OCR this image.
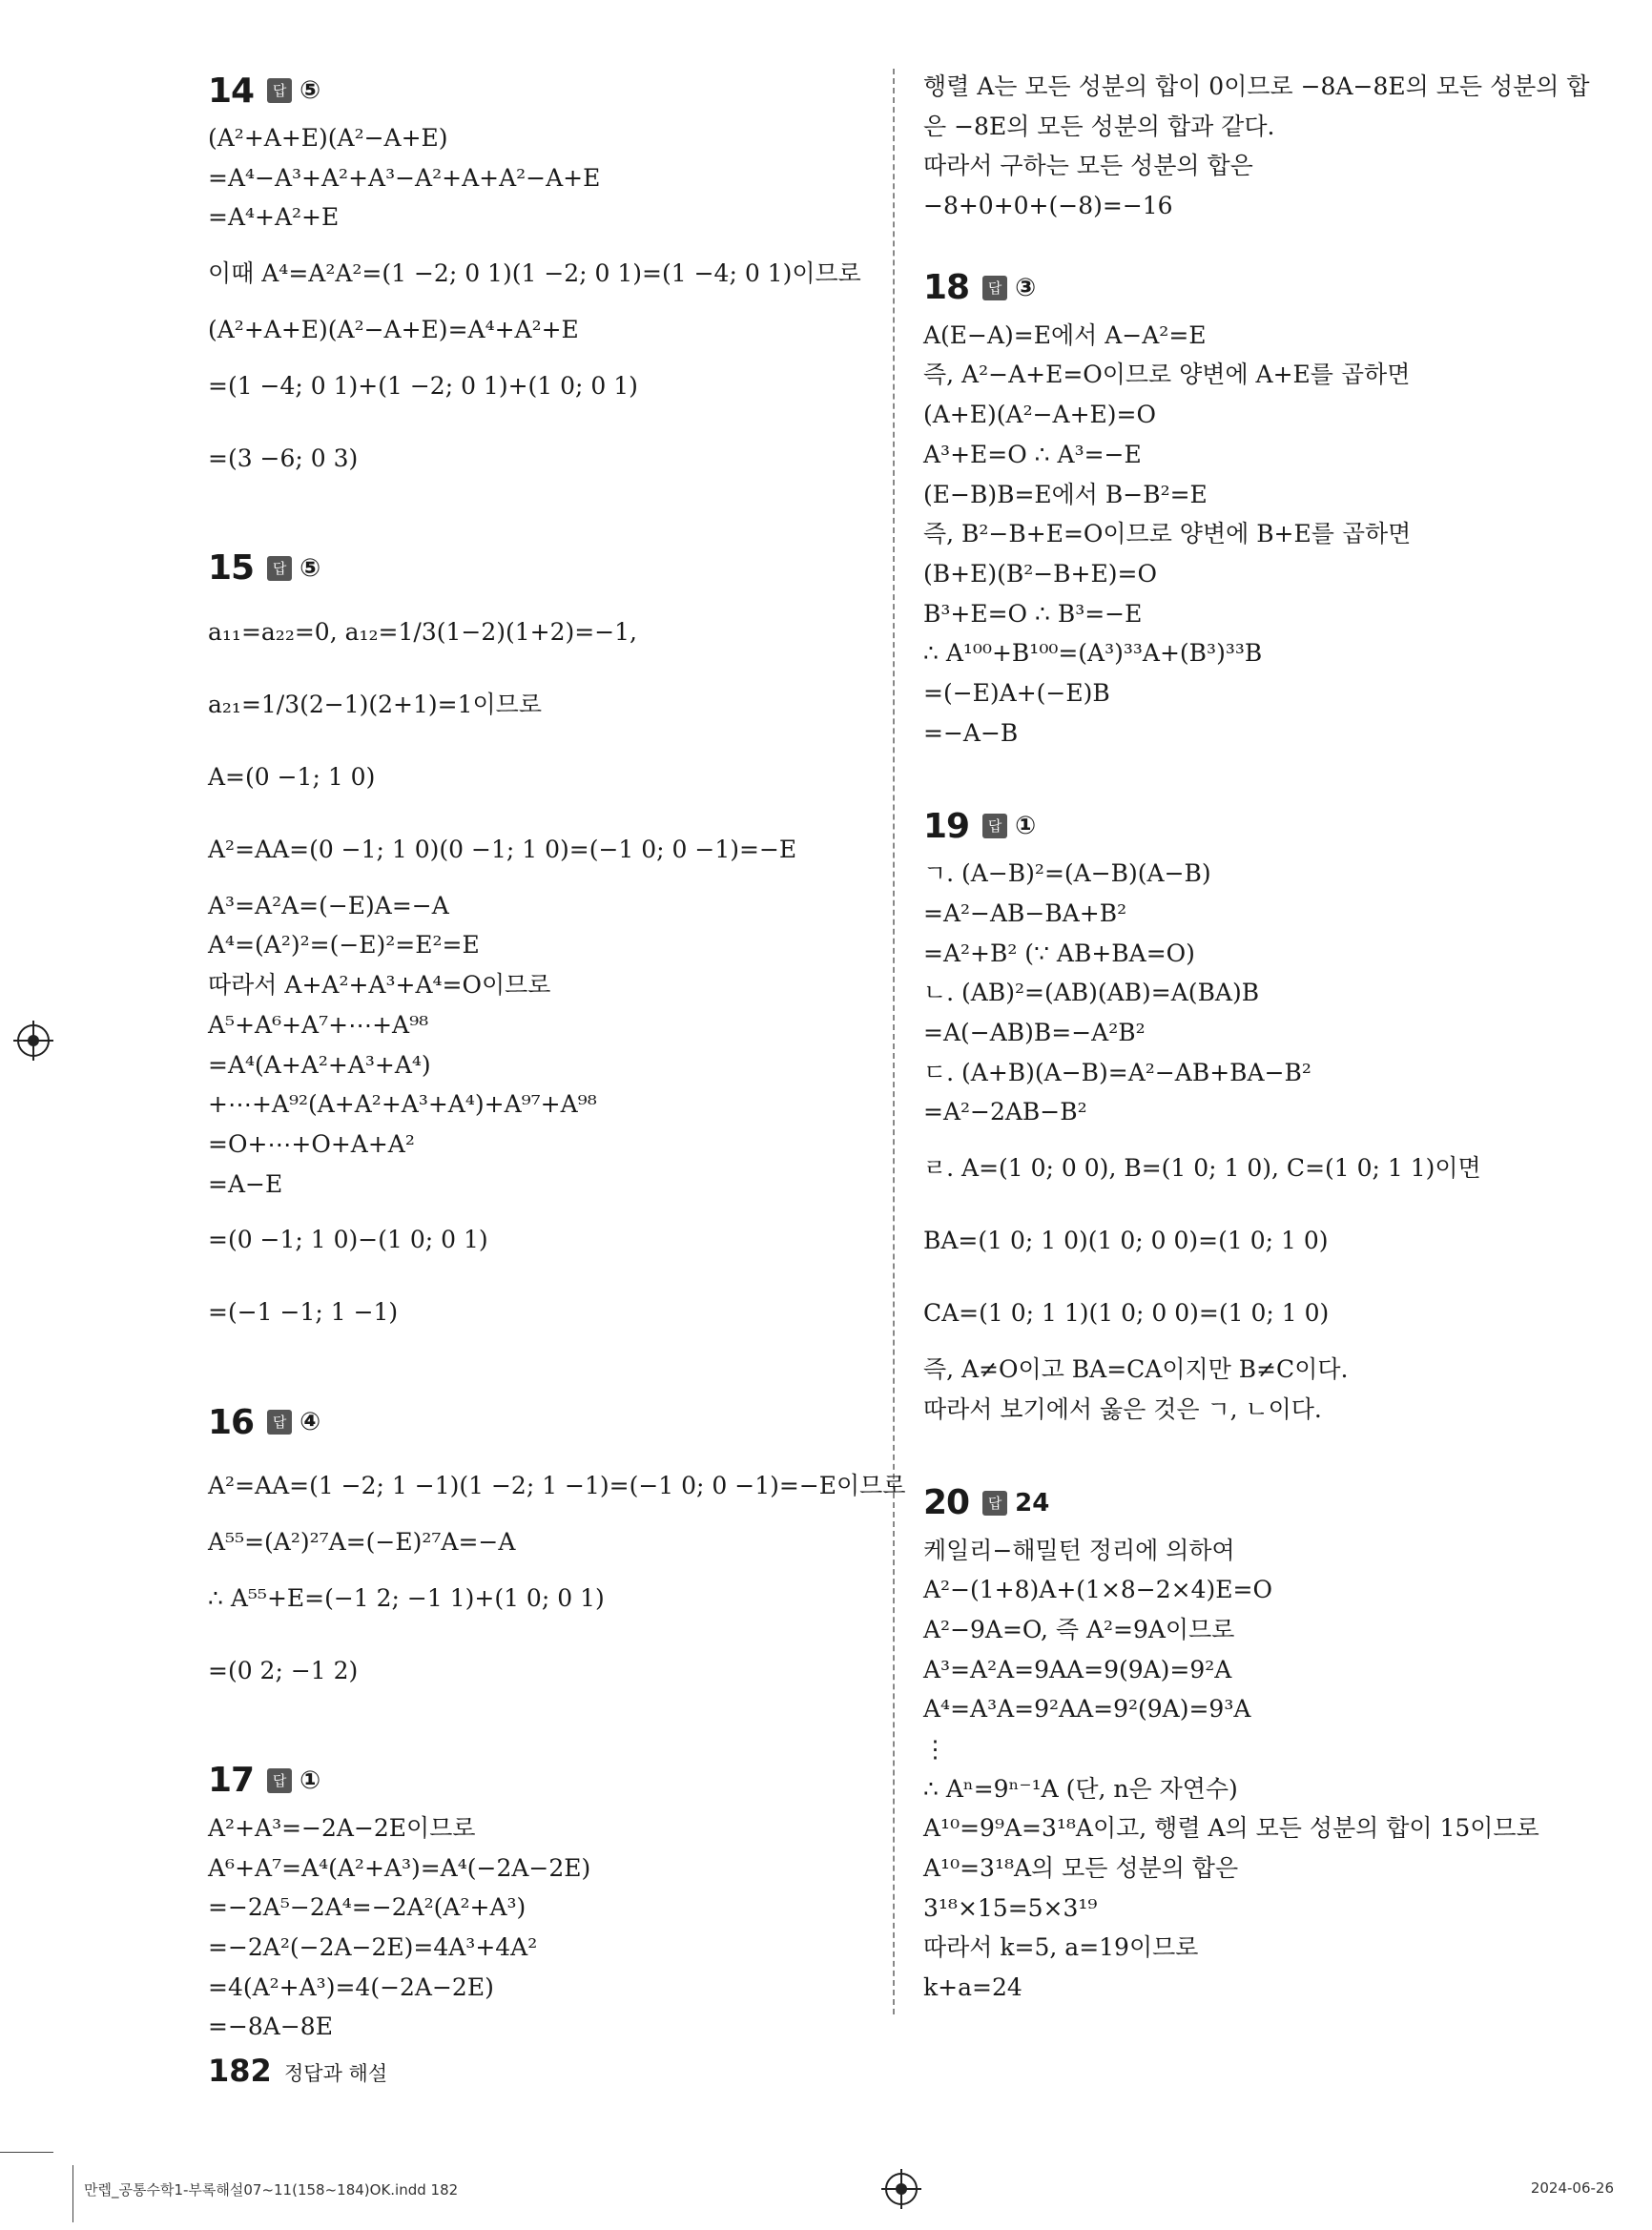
14	답 ⑤
(A²+A+E)(A²−A+E)
=A⁴−A³+A²+A³−A²+A+A²−A+E
=A⁴+A²+E
이때 A⁴=A²A²=(1 −2; 0 1)(1 −2; 0 1)=(1 −4; 0 1)이므로
(A²+A+E)(A²−A+E)=A⁴+A²+E
=(1 −4; 0 1)+(1 −2; 0 1)+(1 0; 0 1)
=(3 −6; 0 3)
15	답 ⑤
a₁₁=a₂₂=0, a₁₂=1/3(1−2)(1+2)=−1,
a₂₁=1/3(2−1)(2+1)=1이므로
A=(0 −1; 1 0)
A²=AA=(0 −1; 1 0)(0 −1; 1 0)=(−1 0; 0 −1)=−E
A³=A²A=(−E)A=−A
A⁴=(A²)²=(−E)²=E²=E
따라서 A+A²+A³+A⁴=O이므로
A⁵+A⁶+A⁷+⋯+A⁹⁸
=A⁴(A+A²+A³+A⁴)
+⋯+A⁹²(A+A²+A³+A⁴)+A⁹⁷+A⁹⁸
=O+⋯+O+A+A²
=A−E
=(0 −1; 1 0)−(1 0; 0 1)
=(−1 −1; 1 −1)
16	답 ④
A²=AA=(1 −2; 1 −1)(1 −2; 1 −1)=(−1 0; 0 −1)=−E이므로
A⁵⁵=(A²)²⁷A=(−E)²⁷A=−A
∴ A⁵⁵+E=(−1 2; −1 1)+(1 0; 0 1)
=(0 2; −1 2)
17	답 ①
A²+A³=−2A−2E이므로
A⁶+A⁷=A⁴(A²+A³)=A⁴(−2A−2E)
=−2A⁵−2A⁴=−2A²(A²+A³)
=−2A²(−2A−2E)=4A³+4A²
=4(A²+A³)=4(−2A−2E)
=−8A−8E
행렬 A는 모든 성분의 합이 0이므로 −8A−8E의 모든 성분의 합
은 −8E의 모든 성분의 합과 같다.
따라서 구하는 모든 성분의 합은
−8+0+0+(−8)=−16
18	답 ③
A(E−A)=E에서 A−A²=E
즉, A²−A+E=O이므로 양변에 A+E를 곱하면
(A+E)(A²−A+E)=O
A³+E=O ∴ A³=−E
(E−B)B=E에서 B−B²=E
즉, B²−B+E=O이므로 양변에 B+E를 곱하면
(B+E)(B²−B+E)=O
B³+E=O ∴ B³=−E
∴ A¹⁰⁰+B¹⁰⁰=(A³)³³A+(B³)³³B
=(−E)A+(−E)B
=−A−B
19	답 ①
ㄱ. (A−B)²=(A−B)(A−B)
=A²−AB−BA+B²
=A²+B² (∵ AB+BA=O)
ㄴ. (AB)²=(AB)(AB)=A(BA)B
=A(−AB)B=−A²B²
ㄷ. (A+B)(A−B)=A²−AB+BA−B²
=A²−2AB−B²
ㄹ. A=(1 0; 0 0), B=(1 0; 1 0), C=(1 0; 1 1)이면
BA=(1 0; 1 0)(1 0; 0 0)=(1 0; 1 0)
CA=(1 0; 1 1)(1 0; 0 0)=(1 0; 1 0)
즉, A≠O이고 BA=CA이지만 B≠C이다.
따라서 보기에서 옳은 것은 ㄱ, ㄴ이다.
20	답 24
케일리−해밀턴 정리에 의하여
A²−(1+8)A+(1×8−2×4)E=O
A²−9A=O, 즉 A²=9A이므로
A³=A²A=9AA=9(9A)=9²A
A⁴=A³A=9²AA=9²(9A)=9³A
⋮
∴ Aⁿ=9ⁿ⁻¹A (단, n은 자연수)
A¹⁰=9⁹A=3¹⁸A이고, 행렬 A의 모든 성분의 합이 15이므로
A¹⁰=3¹⁸A의 모든 성분의 합은
3¹⁸×15=5×3¹⁹
따라서 k=5, a=19이므로
k+a=24
182 정답과 해설
만렙_공통수학1-부록해설07~11(158~184)OK.indd 182	2024-06-26
